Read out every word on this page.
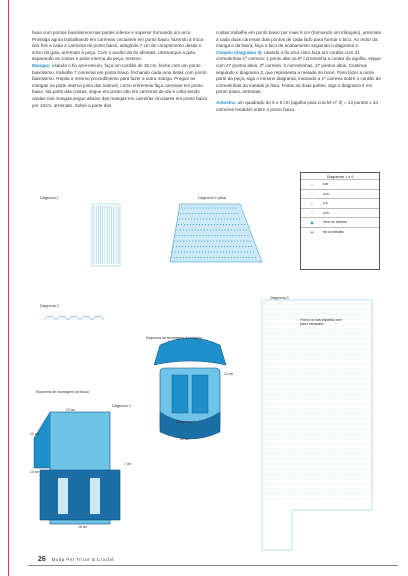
faixa com pontos baixíssimos nas partes inferior e superior formando um arco. Prossiga agora trabalhando em carreiras circulares em ponto baixo, fazendo à troca dos fios a cada 2 carreiras do ponto baixo, atingindo 7 cm de comprimento desde o início da gola, arremate à peça. Com o auxílio do fio afinetes, desmarque a gola, separando as costas e parte interna da peça, reserve.

Mangas: usando o fio azul-escuro, faça um cordão de 16 cm, feche com um ponto baixíssimo, trabalhe 7 carreiras em ponto baixo, fechando cada uma delas com ponto baixíssimo. Repita o mesmo procedimento para fazer a outra manga. Pregue as mangas na parte interna junto das laterais, como entremeio faça carreiras em ponto baixo. Na parte das costas, segue em ponto alto em carreiras de ida e volta sendo unidas nas mangas,segue abaixo das mangas em carreiras circulares em ponto baixo por 10cm, arremate. Sobre a parte das

costas trabalhe em ponto baixo por mais 9 cm (formando um triângulo), arremate a cada duas carreiras dois pontos de cada lado para formar o bico. Ao redor da manga e da barra, faça o bico de acabamento seguindo o diagrama 2.

Chapéu (diagrama 3): usando o fio azul-claro,faça um cordão com 31 correntinhas 1ª carreira: 1 ponto alto na 5ª correntinha a contar da agulha, segue com 27 pontos altos. 2ª carreira: 3 correntinhas, 27 pontos altos. Continue seguindo o diagrama 3, que representa a metade do boné. Para fazer a outra parte da peça, siga o mesmo diagrama, iniciando a 1ª carreira sobre o cordão de correntinhas da metade já feita. Feitas as duas partes, siga o diagrama 4 em ponto baixo, arremate.

Amostra: um quadrado de 5 x 5 cm (agulha para crochê nº 3) = 13 pontos x 14 carreiras medidos sobre o ponto baixo.

Diagrama 1	Diagrama 4 (Aba)
Diagrama 2
Diagrama 3
Esquema de montagem do chapéu
Esquema de montagem da blusa
Diagrama 2
Diagrama 4
Fechar os dois trabalhos com ponto baixíssimo
20 cm
12 cm
10 cm
16 cm
12 cm
13 cm
7 cm
Diagramas 1 a 4
○	corr.
•	p.bx
†	p.a.
+	p.bx.
◆	início do trabalho
▲	fim do trabalho
26 Moda Pet Tricot & Crochê
